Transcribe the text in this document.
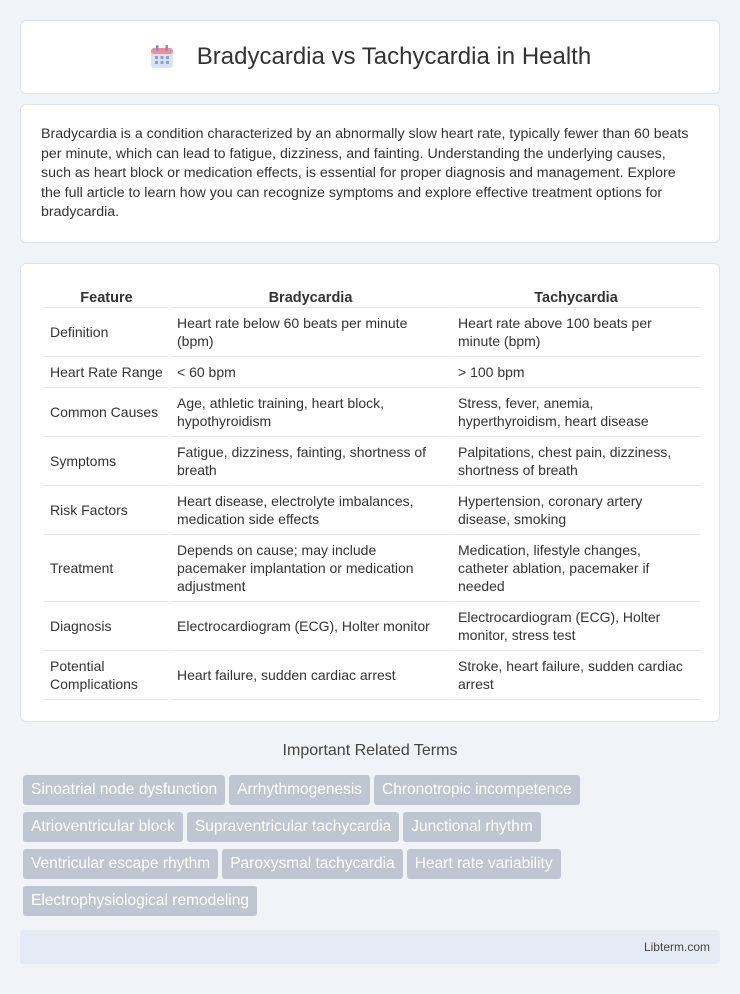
Bradycardia vs Tachycardia in Health

Bradycardia is a condition characterized by an abnormally slow heart rate, typically fewer than 60 beats per minute, which can lead to fatigue, dizziness, and fainting. Understanding the underlying causes, such as heart block or medication effects, is essential for proper diagnosis and management. Explore the full article to learn how you can recognize symptoms and explore effective treatment options for bradycardia.

Feature	Bradycardia	Tachycardia
Definition	Heart rate below 60 beats per minute (bpm)	Heart rate above 100 beats per minute (bpm)
Heart Rate Range	< 60 bpm	> 100 bpm
Common Causes	Age, athletic training, heart block, hypothyroidism	Stress, fever, anemia, hyperthyroidism, heart disease
Symptoms	Fatigue, dizziness, fainting, shortness of breath	Palpitations, chest pain, dizziness, shortness of breath
Risk Factors	Heart disease, electrolyte imbalances, medication side effects	Hypertension, coronary artery disease, smoking
Treatment	Depends on cause; may include pacemaker implantation or medication adjustment	Medication, lifestyle changes, catheter ablation, pacemaker if needed
Diagnosis	Electrocardiogram (ECG), Holter monitor	Electrocardiogram (ECG), Holter monitor, stress test
Potential Complications	Heart failure, sudden cardiac arrest	Stroke, heart failure, sudden cardiac arrest
Important Related Terms
Sinoatrial node dysfunction Arrhythmogenesis Chronotropic incompetence
Atrioventricular block Supraventricular tachycardia Junctional rhythm
Ventricular escape rhythm Paroxysmal tachycardia Heart rate variability
Electrophysiological remodeling
Libterm.com
